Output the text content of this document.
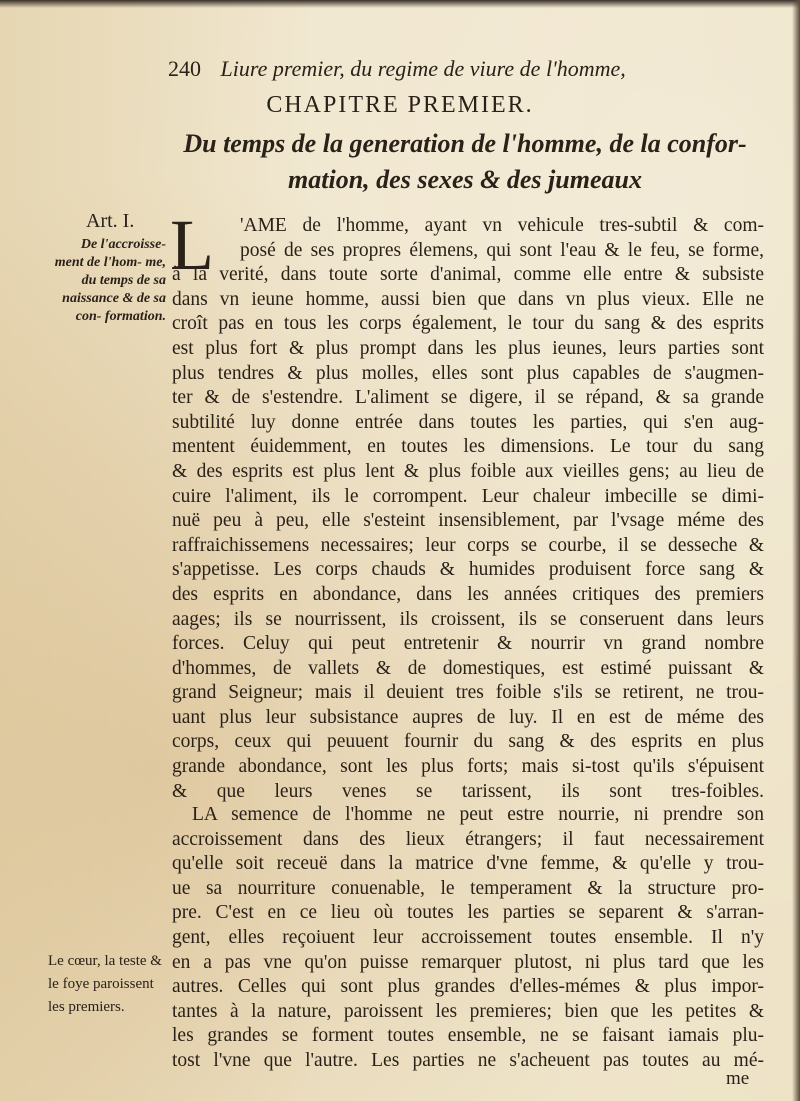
240 Liure premier, du regime de viure de l'homme,
CHAPITRE PREMIER.
Du temps de la generation de l'homme, de la confor- mation, des sexes & des jumeaux
Art. I.
De l'accroisse- ment de l'hom- me, du temps de sa naissance & de sa con- formation.
L	'AME de l'homme, ayant vn vehicule tres-subtil & com-
posé de ses propres élemens, qui sont l'eau & le feu, se forme,
à la verité, dans toute sorte d'animal, comme elle entre & subsiste
dans vn ieune homme, aussi bien que dans vn plus vieux. Elle ne
croît pas en tous les corps également, le tour du sang & des esprits
est plus fort & plus prompt dans les plus ieunes, leurs parties sont
plus tendres & plus molles, elles sont plus capables de s'augmen-
ter & de s'estendre. L'aliment se digere, il se répand, & sa grande
subtilité luy donne entrée dans toutes les parties, qui s'en aug-
mentent éuidemment, en toutes les dimensions. Le tour du sang
& des esprits est plus lent & plus foible aux vieilles gens; au lieu de
cuire l'aliment, ils le corrompent. Leur chaleur imbecille se dimi-
nuë peu à peu, elle s'esteint insensiblement, par l'vsage méme des
raffraichissemens necessaires; leur corps se courbe, il se desseche &
s'appetisse. Les corps chauds & humides produisent force sang &
des esprits en abondance, dans les années critiques des premiers
aages; ils se nourrissent, ils croissent, ils se conseruent dans leurs
forces. Celuy qui peut entretenir & nourrir vn grand nombre
d'hommes, de vallets & de domestiques, est estimé puissant &
grand Seigneur; mais il deuient tres foible s'ils se retirent, ne trou-
uant plus leur subsistance aupres de luy. Il en est de méme des
corps, ceux qui peuuent fournir du sang & des esprits en plus
grande abondance, sont les plus forts; mais si-tost qu'ils s'épuisent
& que leurs venes se tarissent, ils sont tres-foibles.
Le cœur, la teste & le foye paroissent les premiers.
LA semence de l'homme ne peut estre nourrie, ni prendre son
accroissement dans des lieux étrangers; il faut necessairement
qu'elle soit receuë dans la matrice d'vne femme, & qu'elle y trou-
ue sa nourriture conuenable, le temperament & la structure pro-
pre. C'est en ce lieu où toutes les parties se separent & s'arran-
gent, elles reçoiuent leur accroissement toutes ensemble. Il n'y
en a pas vne qu'on puisse remarquer plutost, ni plus tard que les
autres. Celles qui sont plus grandes d'elles-mémes & plus impor-
tantes à la nature, paroissent les premieres; bien que les petites &
les grandes se forment toutes ensemble, ne se faisant iamais plu-
tost l'vne que l'autre. Les parties ne s'acheuent pas toutes au mé-
me
